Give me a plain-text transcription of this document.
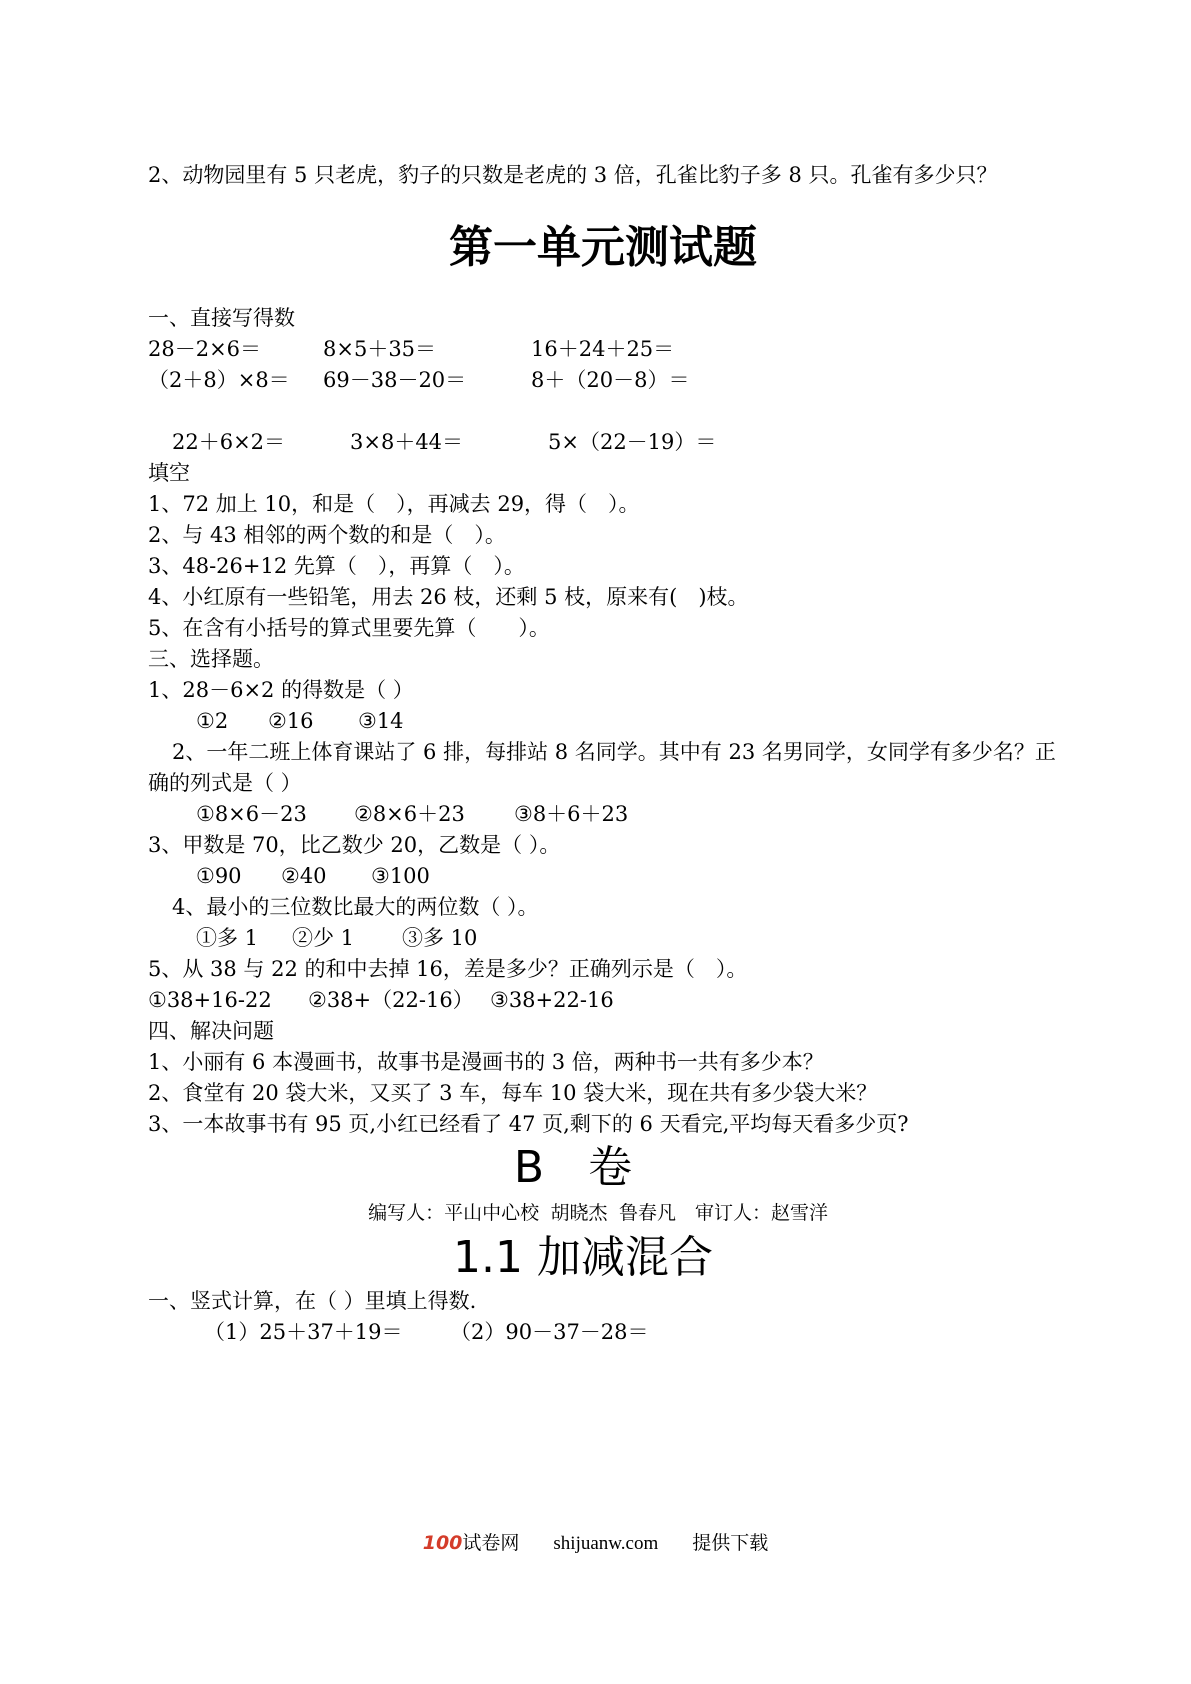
2、动物园里有 5 只老虎，豹子的只数是老虎的 3 倍，孔雀比豹子多 8 只。孔雀有多少只？
第一单元测试题
一、直接写得数
28－2×6＝	8×5＋35＝	16＋24＋25＝
（2＋8）×8＝	69－38－20＝	8＋（20－8）＝
22＋6×2＝	3×8＋44＝	5×（22－19）＝
填空
1、72 加上 10，和是（　），再减去 29，得（　）。
2、与 43 相邻的两个数的和是（　）。
3、48-26+12 先算（　），再算（　）。
4、小红原有一些铅笔，用去 26 枝，还剩 5 枝，原来有(　)枝。
5、在含有小括号的算式里要先算（　　）。
三、选择题。
1、28－6×2 的得数是（ ）
①2	②16	③14
2、一年二班上体育课站了 6 排，每排站 8 名同学。其中有 23 名男同学，女同学有多少名？正确的列式是（ ）
①8×6－23	②8×6＋23	③8＋6＋23
3、甲数是 70，比乙数少 20，乙数是（ ）。
①90	②40	③100
4、最小的三位数比最大的两位数（ ）。
①多 1	②少 1	③多 10
5、从 38 与 22 的和中去掉 16，差是多少？正确列示是（　）。
①38+16-22	②38+（22-16） ③38+22-16
四、解决问题
1、小丽有 6 本漫画书，故事书是漫画书的 3 倍，两种书一共有多少本？
2、食堂有 20 袋大米，又买了 3 车，每车 10 袋大米，现在共有多少袋大米？
3、一本故事书有 95 页,小红已经看了 47 页,剩下的 6 天看完,平均每天看多少页?
B　卷
编写人：平山中心校 胡晓杰 鲁春凡　审订人：赵雪洋
1.1 加减混合
一、竖式计算，在（ ）里填上得数.
（1）25＋37＋19＝	（2）90－37－28＝
100试卷网 shijuanw.com 提供下载
